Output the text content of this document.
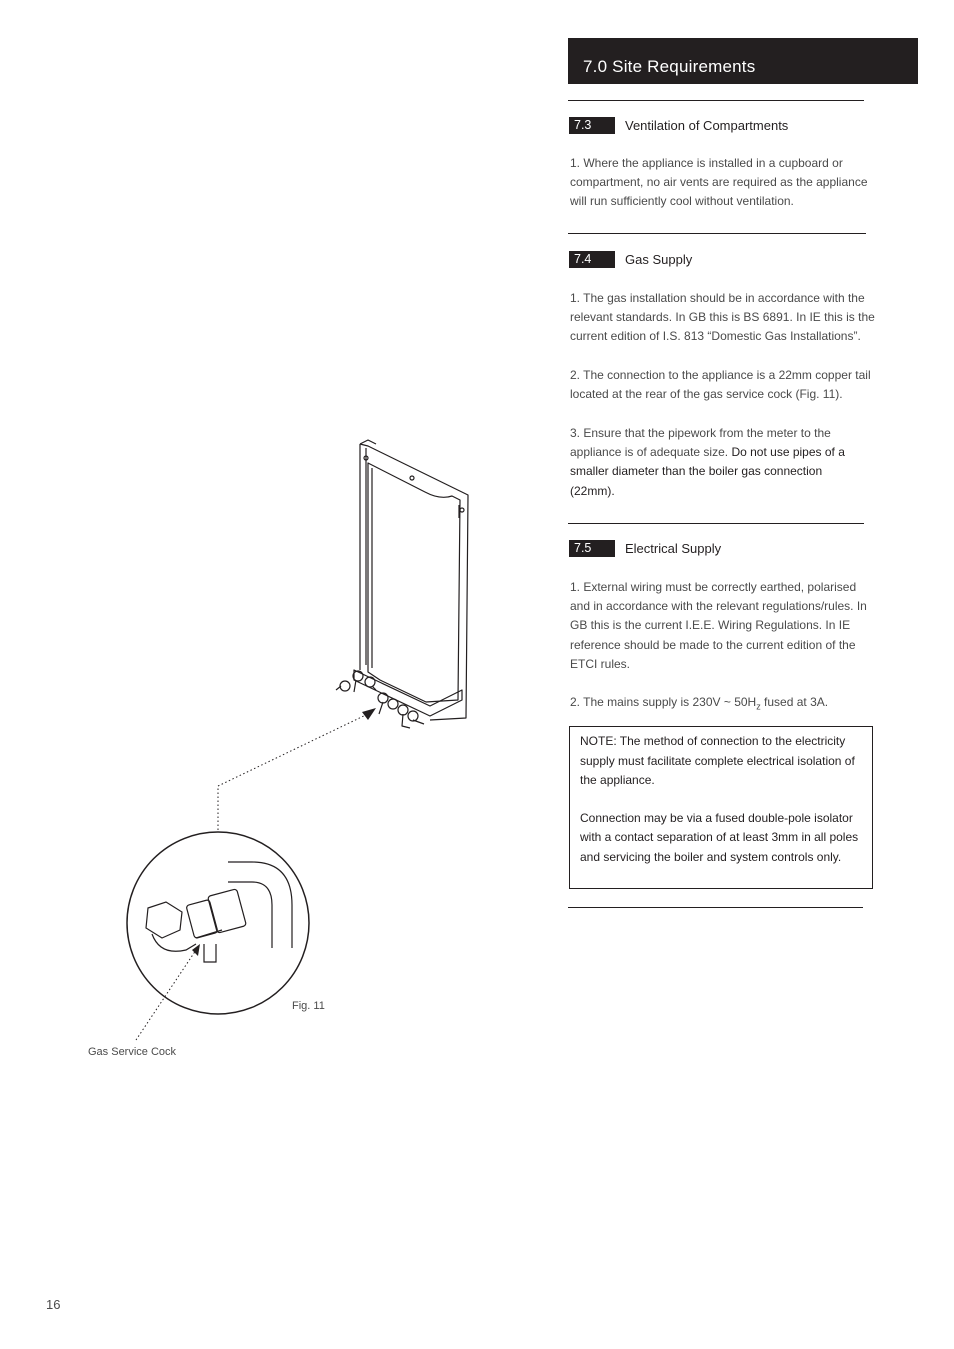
7.0 Site Requirements
7.3	Ventilation of Compartments
1. Where the appliance is installed in a cupboard or compartment, no air vents are required as the appliance will run sufficiently cool without ventilation.
7.4	Gas Supply
1. The gas installation should be in accordance with the relevant standards. In GB this is BS 6891. In IE this is the current edition of I.S. 813 “Domestic Gas Installations”.
2. The connection to the appliance is a 22mm copper tail located at the rear of the gas service cock (Fig. 11).
3. Ensure that the pipework from the meter to the appliance is of adequate size. Do not use pipes of a smaller diameter than the boiler gas connection (22mm).
7.5	Electrical Supply
1. External wiring must be correctly earthed, polarised and in accordance with the relevant regulations/rules. In GB this is the current I.E.E. Wiring Regulations. In IE reference should be made to the current edition of the ETCI rules.
2. The mains supply is 230V ~ $50H_z$ fused at 3A.

NOTE: The method of connection to the electricity supply must facilitate complete electrical isolation of the appliance.

Connection may be via a fused double-pole isolator with a contact separation of at least 3mm in all poles and servicing the boiler and system controls only.

Fig. 11
Gas Service Cock
16
